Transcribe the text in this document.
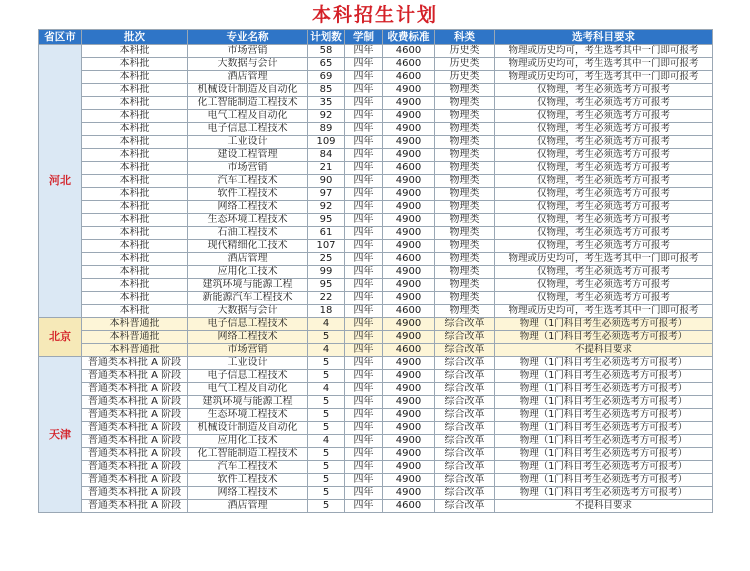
本科招生计划
省区市	批次	专业名称	计划数	学制	收费标准	科类	选考科目要求
河北	本科批	市场营销	58	四年	4600	历史类	物理或历史均可，考生选考其中一门即可报考
	本科批	大数据与会计	65	四年	4600	历史类	物理或历史均可，考生选考其中一门即可报考
	本科批	酒店管理	69	四年	4600	历史类	物理或历史均可，考生选考其中一门即可报考
	本科批	机械设计制造及自动化	85	四年	4900	物理类	仅物理，考生必须选考方可报考
	本科批	化工智能制造工程技术	35	四年	4900	物理类	仅物理，考生必须选考方可报考
	本科批	电气工程及自动化	92	四年	4900	物理类	仅物理，考生必须选考方可报考
	本科批	电子信息工程技术	89	四年	4900	物理类	仅物理，考生必须选考方可报考
	本科批	工业设计	109	四年	4900	物理类	仅物理，考生必须选考方可报考
	本科批	建设工程管理	84	四年	4900	物理类	仅物理，考生必须选考方可报考
	本科批	市场营销	21	四年	4600	物理类	仅物理，考生必须选考方可报考
	本科批	汽车工程技术	90	四年	4900	物理类	仅物理，考生必须选考方可报考
	本科批	软件工程技术	97	四年	4900	物理类	仅物理，考生必须选考方可报考
	本科批	网络工程技术	92	四年	4900	物理类	仅物理，考生必须选考方可报考
	本科批	生态环境工程技术	95	四年	4900	物理类	仅物理，考生必须选考方可报考
	本科批	石油工程技术	61	四年	4900	物理类	仅物理，考生必须选考方可报考
	本科批	现代精细化工技术	107	四年	4900	物理类	仅物理，考生必须选考方可报考
	本科批	酒店管理	25	四年	4600	物理类	物理或历史均可，考生选考其中一门即可报考
	本科批	应用化工技术	99	四年	4900	物理类	仅物理，考生必须选考方可报考
	本科批	建筑环境与能源工程	95	四年	4900	物理类	仅物理，考生必须选考方可报考
	本科批	新能源汽车工程技术	22	四年	4900	物理类	仅物理，考生必须选考方可报考
	本科批	大数据与会计	18	四年	4600	物理类	物理或历史均可，考生选考其中一门即可报考
北京	本科普通批	电子信息工程技术	4	四年	4900	综合改革	物理（1门科目考生必须选考方可报考）
	本科普通批	网络工程技术	5	四年	4900	综合改革	物理（1门科目考生必须选考方可报考）
	本科普通批	市场营销	4	四年	4600	综合改革	不提科目要求
天津	普通类本科批 A 阶段	工业设计	5	四年	4900	综合改革	物理（1门科目考生必须选考方可报考）
	普通类本科批 A 阶段	电子信息工程技术	5	四年	4900	综合改革	物理（1门科目考生必须选考方可报考）
	普通类本科批 A 阶段	电气工程及自动化	4	四年	4900	综合改革	物理（1门科目考生必须选考方可报考）
	普通类本科批 A 阶段	建筑环境与能源工程	5	四年	4900	综合改革	物理（1门科目考生必须选考方可报考）
	普通类本科批 A 阶段	生态环境工程技术	5	四年	4900	综合改革	物理（1门科目考生必须选考方可报考）
	普通类本科批 A 阶段	机械设计制造及自动化	5	四年	4900	综合改革	物理（1门科目考生必须选考方可报考）
	普通类本科批 A 阶段	应用化工技术	4	四年	4900	综合改革	物理（1门科目考生必须选考方可报考）
	普通类本科批 A 阶段	化工智能制造工程技术	5	四年	4900	综合改革	物理（1门科目考生必须选考方可报考）
	普通类本科批 A 阶段	汽车工程技术	5	四年	4900	综合改革	物理（1门科目考生必须选考方可报考）
	普通类本科批 A 阶段	软件工程技术	5	四年	4900	综合改革	物理（1门科目考生必须选考方可报考）
	普通类本科批 A 阶段	网络工程技术	5	四年	4900	综合改革	物理（1门科目考生必须选考方可报考）
	普通类本科批 A 阶段	酒店管理	5	四年	4600	综合改革	不提科目要求
